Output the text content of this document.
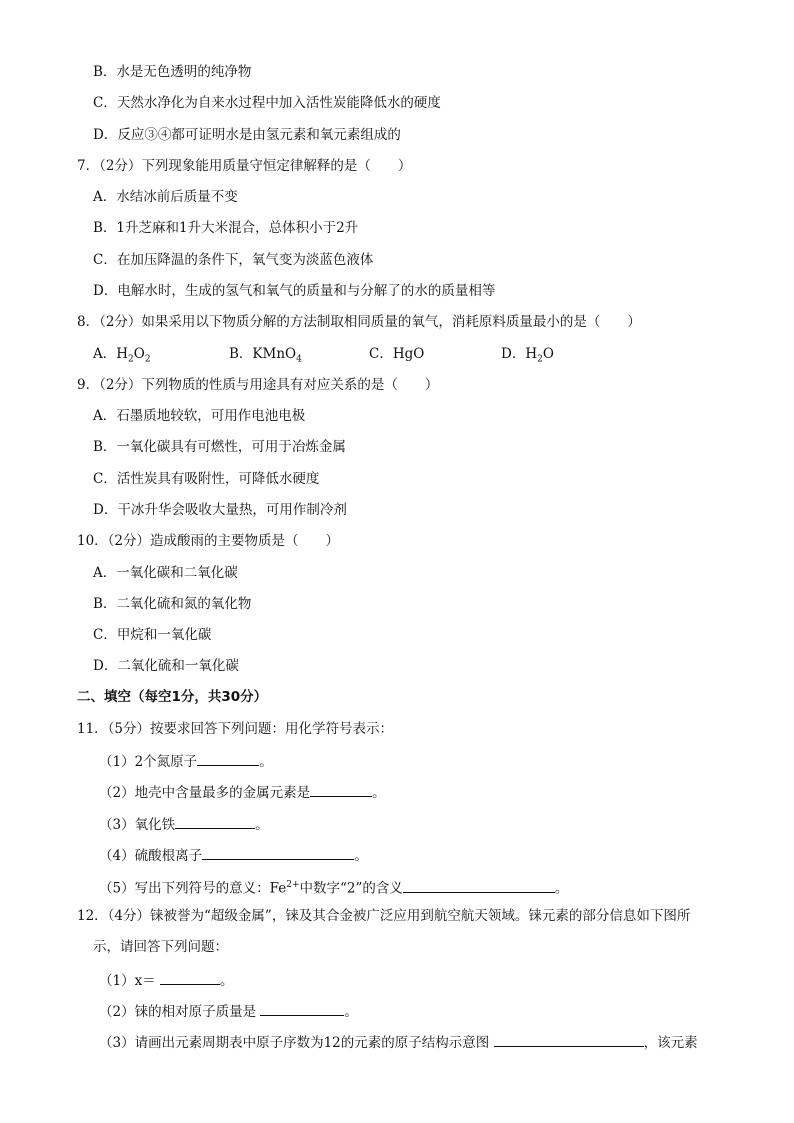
B．水是无色透明的纯净物
C．天然水净化为自来水过程中加入活性炭能降低水的硬度
D．反应③④都可证明水是由氢元素和氧元素组成的
7．（2分）下列现象能用质量守恒定律解释的是（　　）
A．水结冰前后质量不变
B．1升芝麻和1升大米混合，总体积小于2升
C．在加压降温的条件下，氧气变为淡蓝色液体
D．电解水时，生成的氢气和氧气的质量和与分解了的水的质量相等
8．（2分）如果采用以下物质分解的方法制取相同质量的氧气，消耗原料质量最小的是（　　）
A．$H_2O_2$	B．KMnO$_4$	C．HgO	D．$H_2O$
9．（2分）下列物质的性质与用途具有对应关系的是（　　）
A．石墨质地较软，可用作电池电极
B．一氧化碳具有可燃性，可用于冶炼金属
C．活性炭具有吸附性，可降低水硬度
D．干冰升华会吸收大量热，可用作制冷剂
10．（2分）造成酸雨的主要物质是（　　）
A．一氧化碳和二氧化碳
B．二氧化硫和氮的氧化物
C．甲烷和一氧化碳
D．二氧化硫和一氧化碳
二、填空（每空1分，共30分）
11．（5分）按要求回答下列问题：用化学符号表示：
（1）2个氮原子	。
（2）地壳中含量最多的金属元素是	。
（3）氧化铁	。
（4）硫酸根离子	。
（5）写出下列符号的意义：$Fe^{2+}$中数字“2”的含义	。
12．（4分）铼被誉为“超级金属”，铼及其合金被广泛应用到航空航天领域。铼元素的部分信息如下图所
示，请回答下列问题：
（1）x＝	。
（2）铼的相对原子质量是	。
（3）请画出元素周期表中原子序数为12的元素的原子结构示意图	，该元素
